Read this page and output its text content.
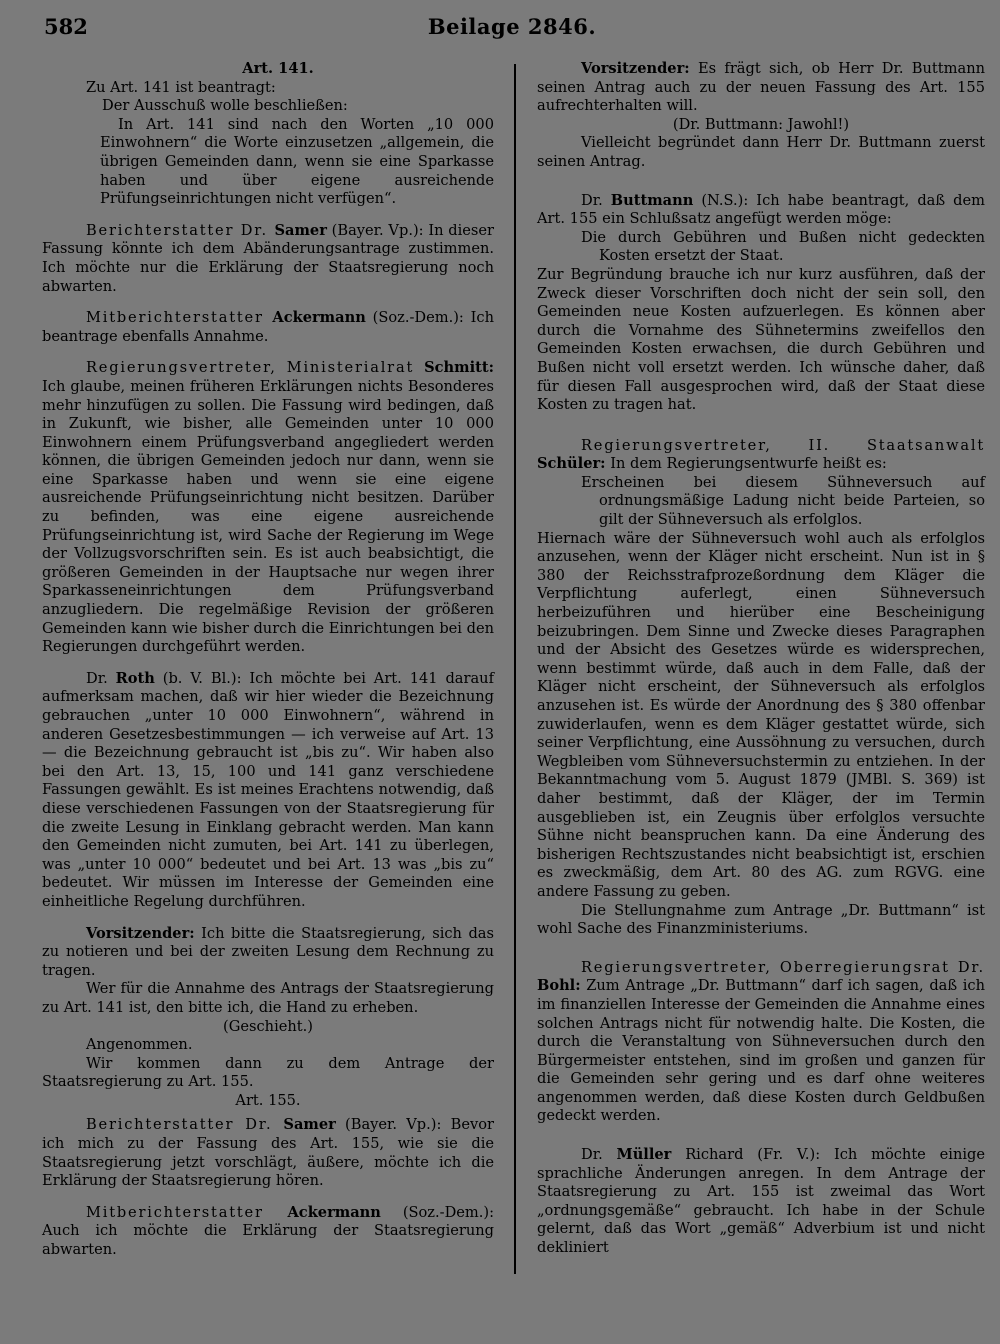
582	Beilage 2846.

Art. 141.

Zu Art. 141 ist beantragt:

Der Ausschuß wolle beschließen:

In Art. 141 sind nach den Worten „10 000 Einwohnern“ die Worte einzusetzen „allgemein, die übrigen Gemeinden dann, wenn sie eine Sparkasse haben und über eigene ausreichende Prüfungseinrichtungen nicht verfügen“.

Berichterstatter Dr. Samer (Bayer. Vp.): In dieser Fassung könnte ich dem Abänderungsantrage zustimmen. Ich möchte nur die Erklärung der Staatsregierung noch abwarten.

Mitberichterstatter Ackermann (Soz.-Dem.): Ich beantrage ebenfalls Annahme.

Regierungsvertreter, Ministerialrat Schmitt: Ich glaube, meinen früheren Erklärungen nichts Besonderes mehr hinzufügen zu sollen. Die Fassung wird bedingen, daß in Zukunft, wie bisher, alle Gemeinden unter 10 000 Einwohnern einem Prüfungsverband angegliedert werden können, die übrigen Gemeinden jedoch nur dann, wenn sie eine Sparkasse haben und wenn sie eine eigene ausreichende Prüfungseinrichtung nicht besitzen. Darüber zu befinden, was eine eigene ausreichende Prüfungseinrichtung ist, wird Sache der Regierung im Wege der Vollzugsvorschriften sein. Es ist auch beabsichtigt, die größeren Gemeinden in der Hauptsache nur wegen ihrer Sparkasseneinrichtungen dem Prüfungsverband anzugliedern. Die regelmäßige Revision der größeren Gemeinden kann wie bisher durch die Einrichtungen bei den Regierungen durchgeführt werden.

Dr. Roth (b. V. Bl.): Ich möchte bei Art. 141 darauf aufmerksam machen, daß wir hier wieder die Bezeichnung gebrauchen „unter 10 000 Einwohnern“, während in anderen Gesetzesbestimmungen — ich verweise auf Art. 13 — die Bezeichnung gebraucht ist „bis zu“. Wir haben also bei den Art. 13, 15, 100 und 141 ganz verschiedene Fassungen gewählt. Es ist meines Erachtens notwendig, daß diese verschiedenen Fassungen von der Staatsregierung für die zweite Lesung in Einklang gebracht werden. Man kann den Gemeinden nicht zumuten, bei Art. 141 zu überlegen, was „unter 10 000“ bedeutet und bei Art. 13 was „bis zu“ bedeutet. Wir müssen im Interesse der Gemeinden eine einheitliche Regelung durchführen.

Vorsitzender: Ich bitte die Staatsregierung, sich das zu notieren und bei der zweiten Lesung dem Rechnung zu tragen.

Wer für die Annahme des Antrags der Staatsregierung zu Art. 141 ist, den bitte ich, die Hand zu erheben.

(Geschieht.)

Angenommen.

Wir kommen dann zu dem Antrage der Staatsregierung zu Art. 155.

Art. 155.

Berichterstatter Dr. Samer (Bayer. Vp.): Bevor ich mich zu der Fassung des Art. 155, wie sie die Staatsregierung jetzt vorschlägt, äußere, möchte ich die Erklärung der Staatsregierung hören.

Mitberichterstatter Ackermann (Soz.-Dem.): Auch ich möchte die Erklärung der Staatsregierung abwarten.

Vorsitzender: Es frägt sich, ob Herr Dr. Buttmann seinen Antrag auch zu der neuen Fassung des Art. 155 aufrechterhalten will.

(Dr. Buttmann: Jawohl!)

Vielleicht begründet dann Herr Dr. Buttmann zuerst seinen Antrag.

Dr. Buttmann (N.S.): Ich habe beantragt, daß dem Art. 155 ein Schlußsatz angefügt werden möge:

Die durch Gebühren und Bußen nicht gedeckten Kosten ersetzt der Staat.

Zur Begründung brauche ich nur kurz ausführen, daß der Zweck dieser Vorschriften doch nicht der sein soll, den Gemeinden neue Kosten aufzuerlegen. Es können aber durch die Vornahme des Sühnetermins zweifellos den Gemeinden Kosten erwachsen, die durch Gebühren und Bußen nicht voll ersetzt werden. Ich wünsche daher, daß für diesen Fall ausgesprochen wird, daß der Staat diese Kosten zu tragen hat.

Regierungsvertreter, II. Staatsanwalt Schüler: In dem Regierungsentwurfe heißt es:

Erscheinen bei diesem Sühneversuch auf ordnungsmäßige Ladung nicht beide Parteien, so gilt der Sühneversuch als erfolglos.

Hiernach wäre der Sühneversuch wohl auch als erfolglos anzusehen, wenn der Kläger nicht erscheint. Nun ist in § 380 der Reichsstrafprozeßordnung dem Kläger die Verpflichtung auferlegt, einen Sühneversuch herbeizuführen und hierüber eine Bescheinigung beizubringen. Dem Sinne und Zwecke dieses Paragraphen und der Absicht des Gesetzes würde es widersprechen, wenn bestimmt würde, daß auch in dem Falle, daß der Kläger nicht erscheint, der Sühneversuch als erfolglos anzusehen ist. Es würde der Anordnung des § 380 offenbar zuwiderlaufen, wenn es dem Kläger gestattet würde, sich seiner Verpflichtung, eine Aussöhnung zu versuchen, durch Wegbleiben vom Sühneversuchstermin zu entziehen. In der Bekanntmachung vom 5. August 1879 (JMBl. S. 369) ist daher bestimmt, daß der Kläger, der im Termin ausgeblieben ist, ein Zeugnis über erfolglos versuchte Sühne nicht beanspruchen kann. Da eine Änderung des bisherigen Rechtszustandes nicht beabsichtigt ist, erschien es zweckmäßig, dem Art. 80 des AG. zum RGVG. eine andere Fassung zu geben.

Die Stellungnahme zum Antrage „Dr. Buttmann“ ist wohl Sache des Finanzministeriums.

Regierungsvertreter, Oberregierungsrat Dr. Bohl: Zum Antrage „Dr. Buttmann“ darf ich sagen, daß ich im finanziellen Interesse der Gemeinden die Annahme eines solchen Antrags nicht für notwendig halte. Die Kosten, die durch die Veranstaltung von Sühneversuchen durch den Bürgermeister entstehen, sind im großen und ganzen für die Gemeinden sehr gering und es darf ohne weiteres angenommen werden, daß diese Kosten durch Geldbußen gedeckt werden.

Dr. Müller Richard (Fr. V.): Ich möchte einige sprachliche Änderungen anregen. In dem Antrage der Staatsregierung zu Art. 155 ist zweimal das Wort „ordnungsgemäße“ gebraucht. Ich habe in der Schule gelernt, daß das Wort „gemäß“ Adverbium ist und nicht dekliniert
